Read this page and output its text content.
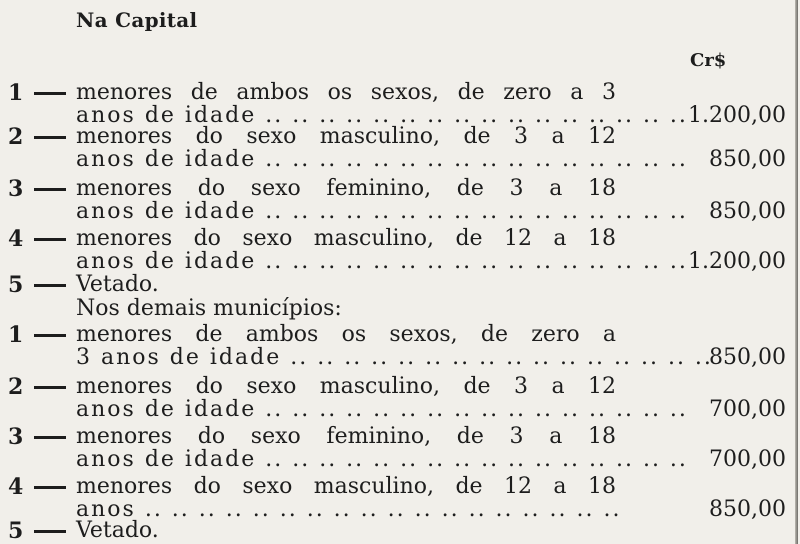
Na Capital
Cr$
1 menores de ambos os sexos, de zero a 3
anos de idade .. .. .. .. .. .. .. .. .. .. .. .. .. .. .. .. 1.200,00
2 menores do sexo masculino, de 3 a 12
anos de idade .. .. .. .. .. .. .. .. .. .. .. .. .. .. .. .. 850,00
3 menores do sexo feminino, de 3 a 18
anos de idade .. .. .. .. .. .. .. .. .. .. .. .. .. .. .. .. 850,00
4 menores do sexo masculino, de 12 a 18
anos de idade .. .. .. .. .. .. .. .. .. .. .. .. .. .. .. .. 1.200,00
5 Vetado.
Nos demais municípios:
1 menores de ambos os sexos, de zero a
3 anos de idade .. .. .. .. .. .. .. .. .. .. .. .. .. .. .. ..
850,00
2 menores do sexo masculino, de 3 a 12
anos de idade .. .. .. .. .. .. .. .. .. .. .. .. .. .. .. .. 700,00
3 menores do sexo feminino, de 3 a 18
anos de idade .. .. .. .. .. .. .. .. .. .. .. .. .. .. .. .. 700,00
4 menores do sexo masculino, de 12 a 18
anos .. .. .. .. .. .. .. .. .. .. .. .. .. .. .. .. .. ..	850,00
5 Vetado.
